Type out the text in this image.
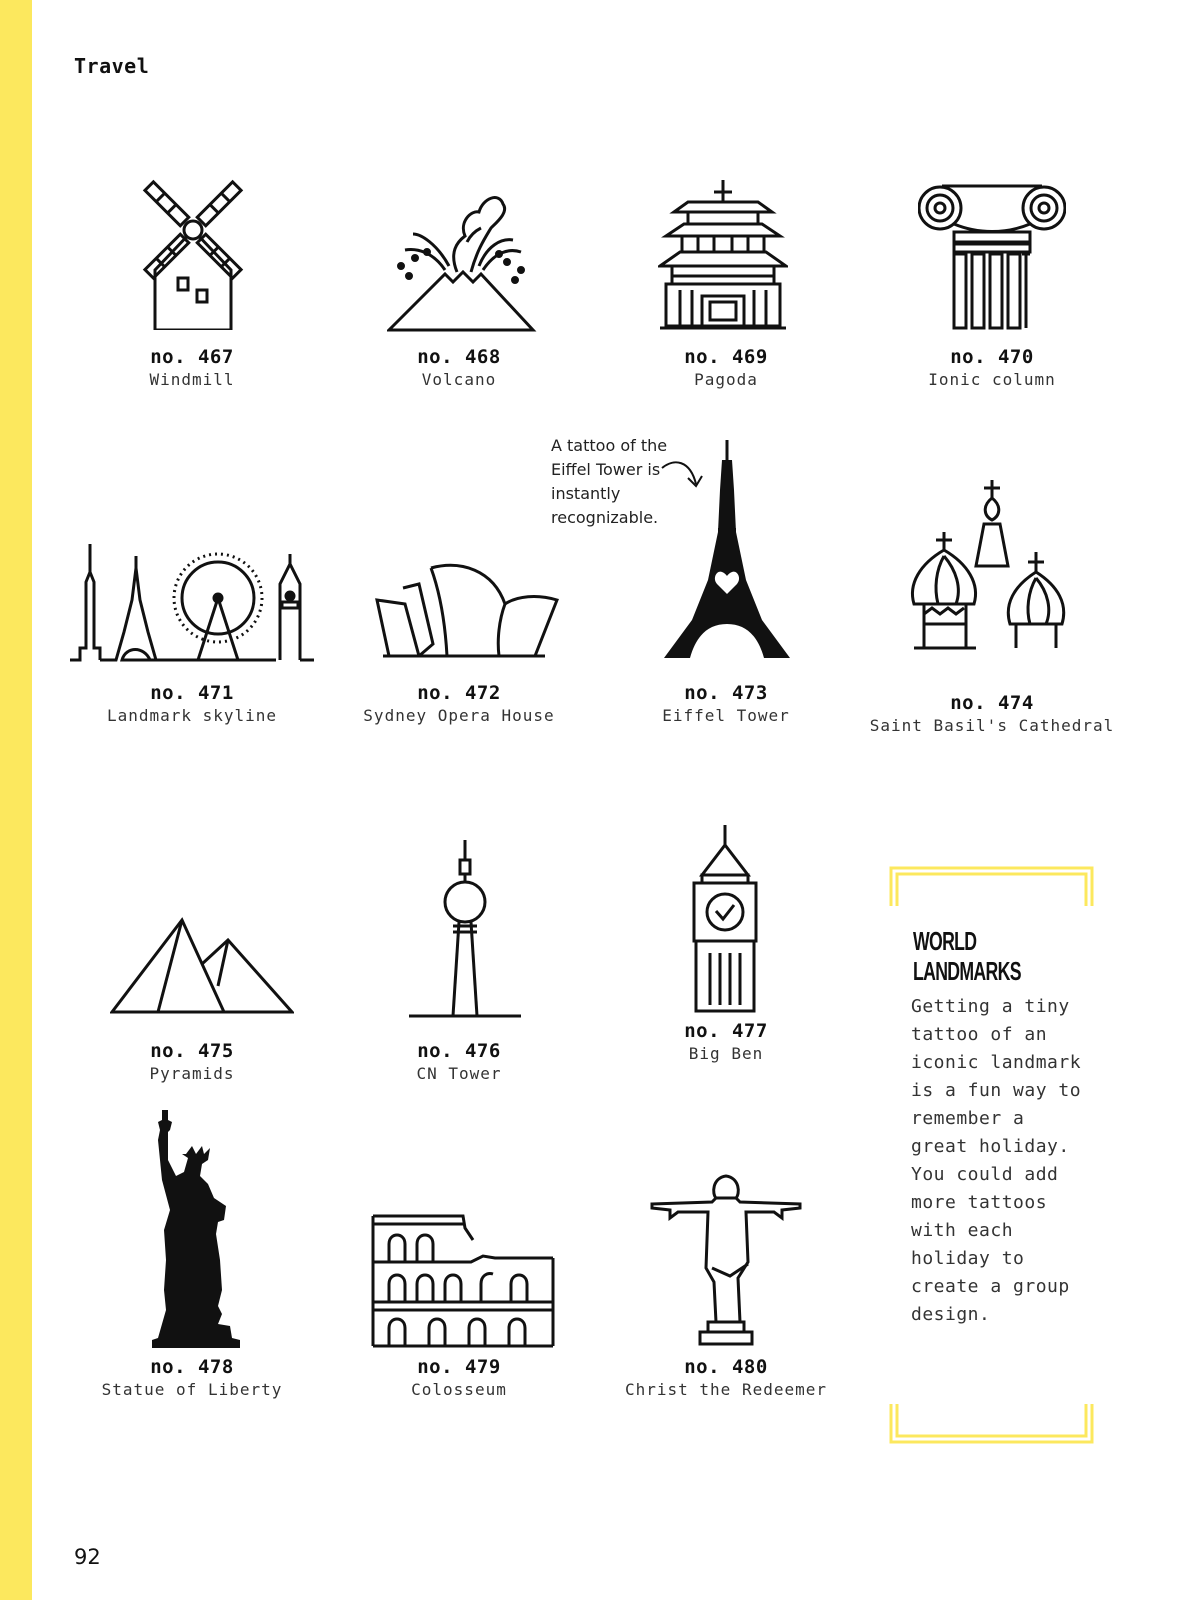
Travel
no. 467
Windmill
no. 468
Volcano
no. 469
Pagoda
no. 470
Ionic column
no. 471
Landmark skyline
no. 472
Sydney Opera House
A tattoo of the Eiffel Tower is instantly recognizable.
no. 473
Eiffel Tower
no. 474
Saint Basil's Cathedral
no. 475
Pyramids
no. 476
CN Tower
no. 477
Big Ben
no. 478
Statue of Liberty
no. 479
Colosseum
no. 480
Christ the Redeemer
WORLD LANDMARKS
Getting a tiny tattoo of an iconic landmark is a fun way to remember a great holiday. You could add more tattoos with each holiday to create a group design.
92
